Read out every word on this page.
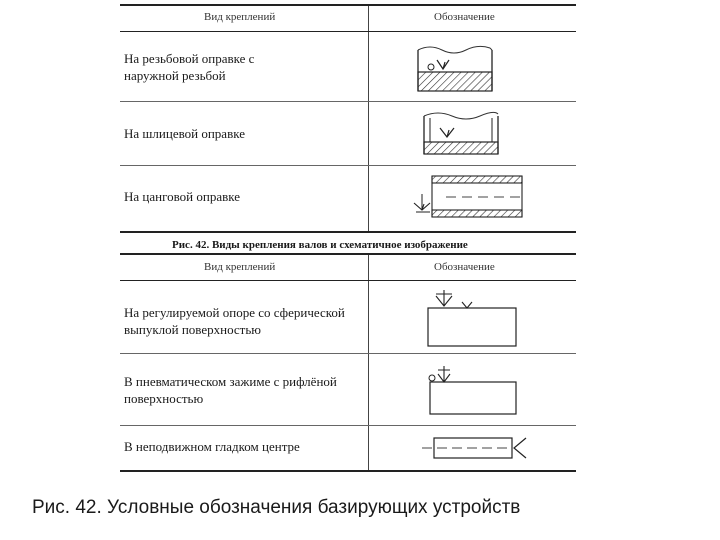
Вид креплений	Обозначение
На резьбовой оправке с наружной резьбой
На шлицевой оправке
На цанговой оправке
Рис. 42. Виды крепления валов и схематичное изображение
Вид креплений	Обозначение
На регулируемой опоре со сферической выпуклой поверхностью
В пневматическом зажиме с рифлёной поверхностью
В неподвижном гладком центре
Рис. 42. Условные обозначения базирующих устройств
